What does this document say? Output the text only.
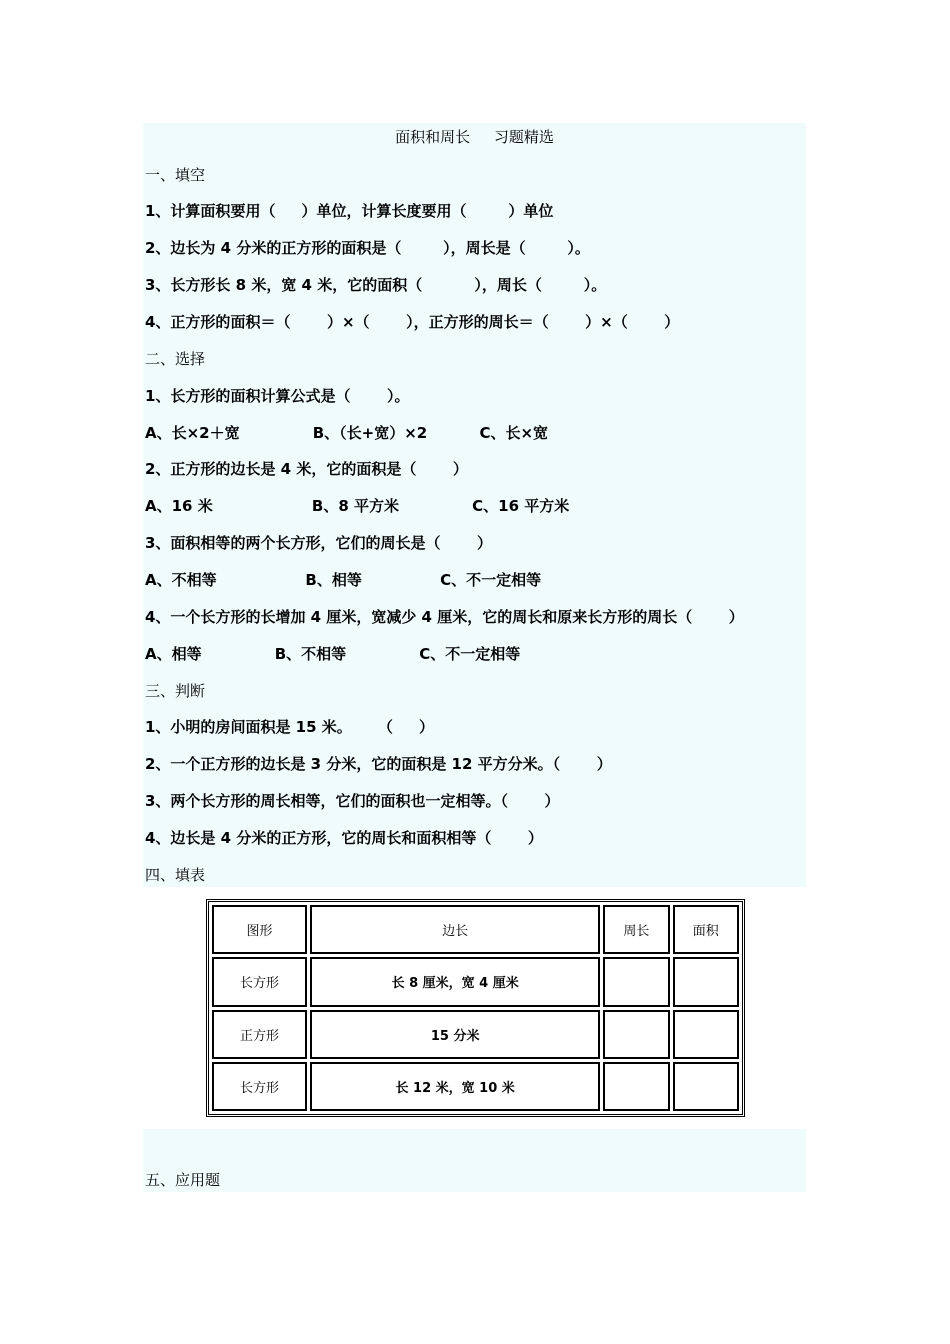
面积和周长     习题精选
一、填空
1、计算面积要用（     ）单位，计算长度要用（        ）单位
2、边长为 4 分米的正方形的面积是（        ），周长是（        ）。
3、长方形长 8 米，宽 4 米，它的面积（          ），周长（        ）。
4、正方形的面积＝（       ）×（       ），正方形的周长＝（       ）×（       ）
二、选择
1、长方形的面积计算公式是（       ）。
A、长×2＋宽              B、（长+宽）×2          C、长×宽
2、正方形的边长是 4 米，它的面积是（       ）
A、16 米                   B、8 平方米              C、16 平方米
3、面积相等的两个长方形，它们的周长是（       ）
A、不相等                 B、相等               C、不一定相等
4、一个长方形的长增加 4 厘米，宽减少 4 厘米，它的周长和原来长方形的周长（       ）
A、相等              B、不相等              C、不一定相等
三、判断
1、小明的房间面积是 15 米。     （     ）
2、一个正方形的边长是 3 分米，它的面积是 12 平方分米。（       ）
3、两个长方形的周长相等，它们的面积也一定相等。（       ）
4、边长是 4 分米的正方形，它的周长和面积相等（       ）
四、填表
图形	边长	周长	面积
长方形	长 8 厘米，宽 4 厘米		
正方形	15 分米		
长方形	长 12 米，宽 10 米		
五、应用题
